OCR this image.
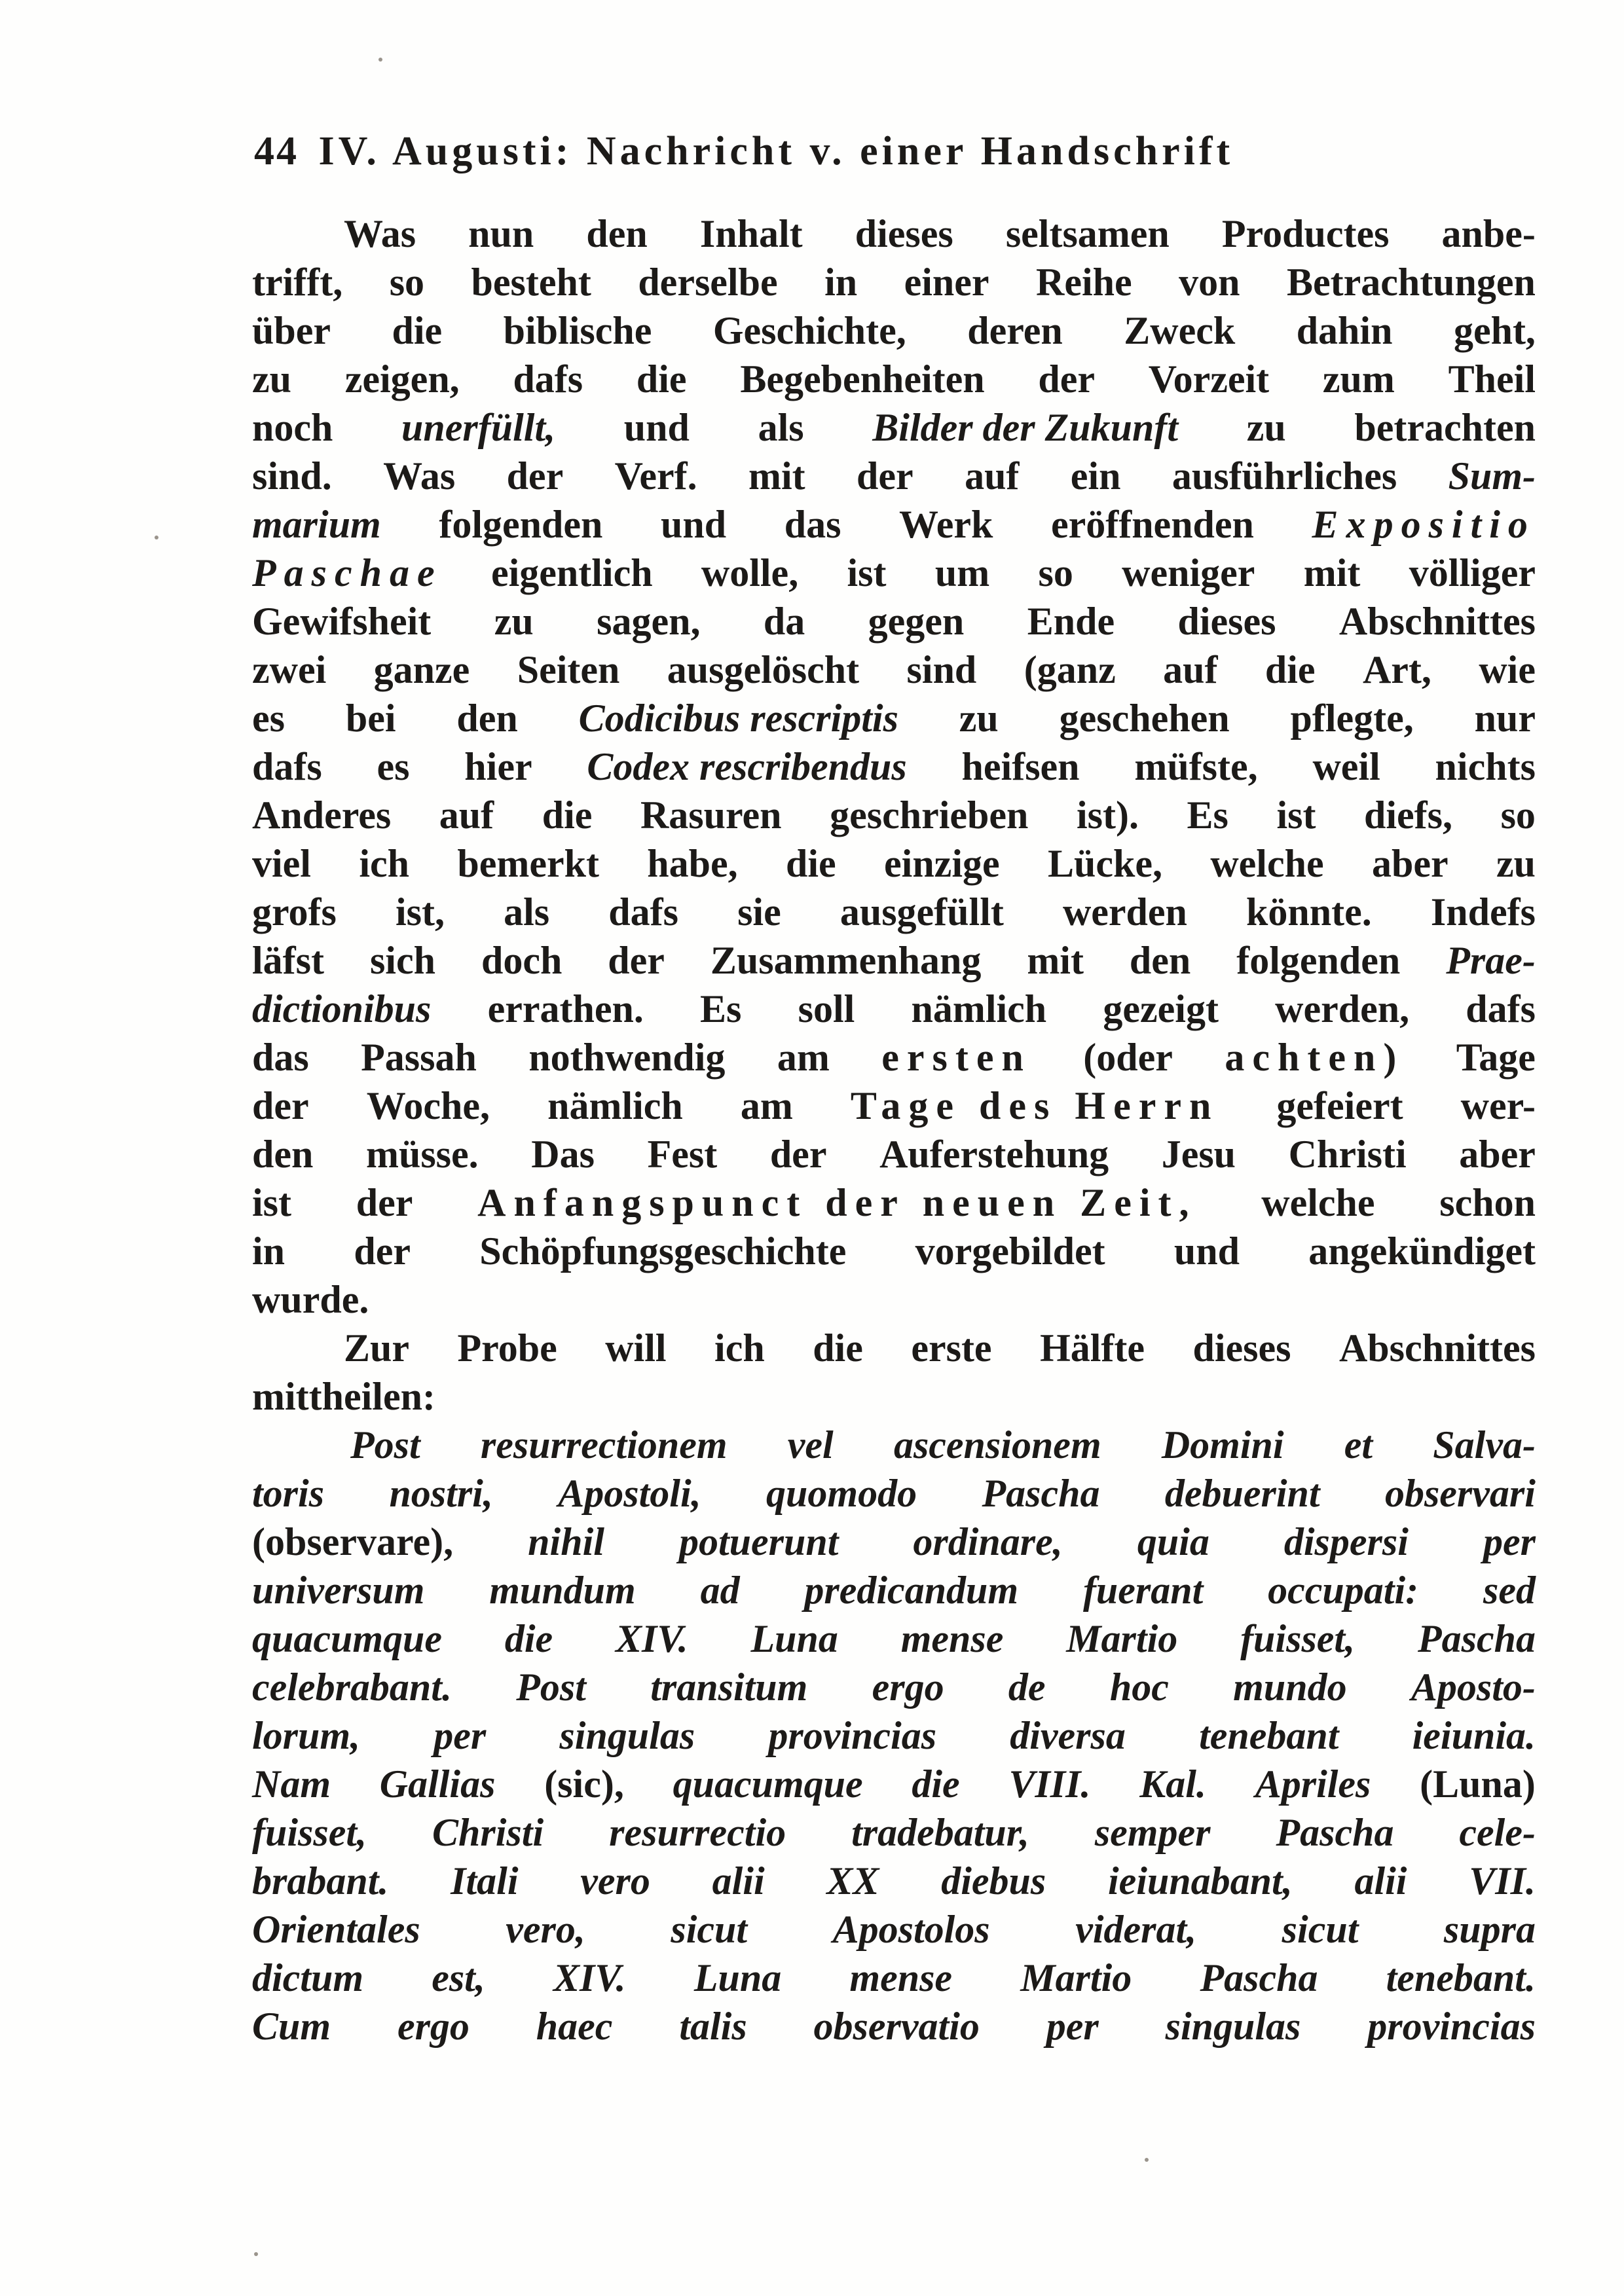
44 IV. Augusti: Nachricht v. einer Handschrift
Was nun den Inhalt dieses seltsamen Productes anbe-
trifft, so besteht derselbe in einer Reihe von Betrachtungen
über die biblische Geschichte, deren Zweck dahin geht,
zu zeigen, dafs die Begebenheiten der Vorzeit zum Theil
noch unerfüllt, und als Bilder der Zukunft zu betrachten
sind. Was der Verf. mit der auf ein ausführliches Sum-
marium folgenden und das Werk eröffnenden Expositio
Paschae eigentlich wolle, ist um so weniger mit völliger
Gewifsheit zu sagen, da gegen Ende dieses Abschnittes
zwei ganze Seiten ausgelöscht sind (ganz auf die Art, wie
es bei den Codicibus rescriptis zu geschehen pflegte, nur
dafs es hier Codex rescribendus heifsen müfste, weil nichts
Anderes auf die Rasuren geschrieben ist). Es ist diefs, so
viel ich bemerkt habe, die einzige Lücke, welche aber zu
grofs ist, als dafs sie ausgefüllt werden könnte. Indefs
läfst sich doch der Zusammenhang mit den folgenden Prae-
dictionibus errathen. Es soll nämlich gezeigt werden, dafs
das Passah nothwendig am ersten (oder achten) Tage
der Woche, nämlich am Tage des Herrn gefeiert wer-
den müsse. Das Fest der Auferstehung Jesu Christi aber
ist der Anfangspunct der neuen Zeit, welche schon
in der Schöpfungsgeschichte vorgebildet und angekündiget
wurde.
Zur Probe will ich die erste Hälfte dieses Abschnittes
mittheilen:
Post resurrectionem vel ascensionem Domini et Salva-
toris nostri, Apostoli, quomodo Pascha debuerint observari
(observare), nihil potuerunt ordinare, quia dispersi per
universum mundum ad predicandum fuerant occupati: sed
quacumque die XIV. Luna mense Martio fuisset, Pascha
celebrabant. Post transitum ergo de hoc mundo Aposto-
lorum, per singulas provincias diversa tenebant ieiunia.
Nam Gallias (sic), quacumque die VIII. Kal. Apriles (Luna)
fuisset, Christi resurrectio tradebatur, semper Pascha cele-
brabant. Itali vero alii XX diebus ieiunabant, alii VII.
Orientales vero, sicut Apostolos viderat, sicut supra
dictum est, XIV. Luna mense Martio Pascha tenebant.
Cum ergo haec talis observatio per singulas provincias
